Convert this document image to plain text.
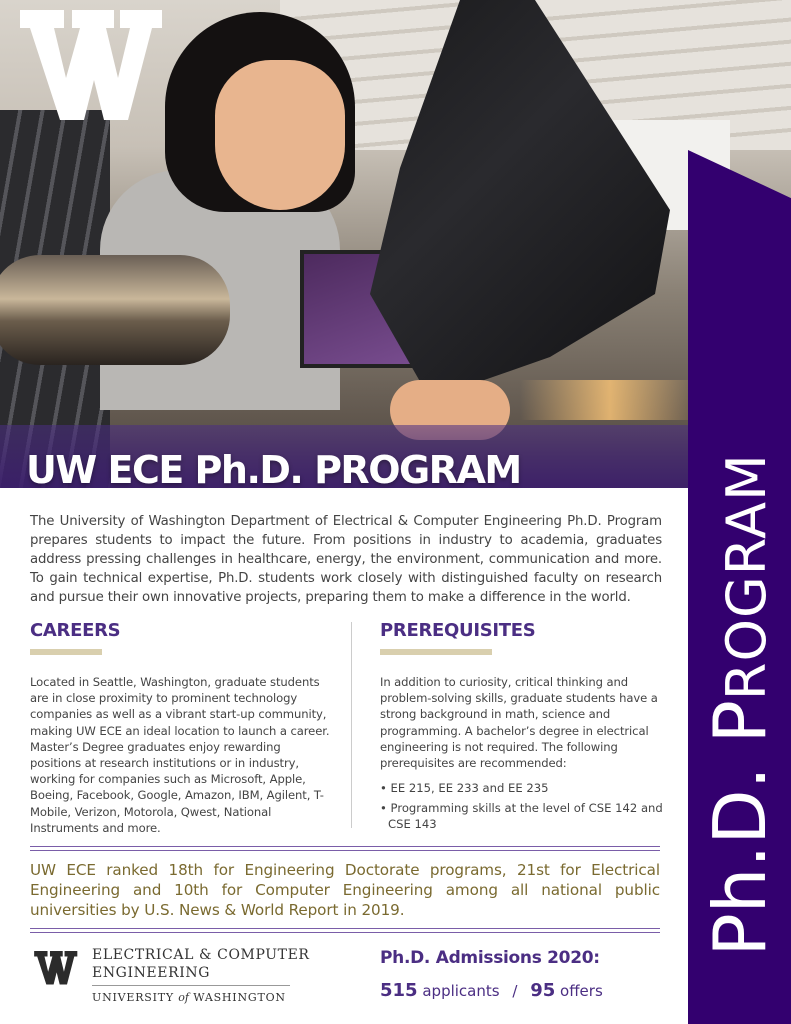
UW ECE Ph.D. PROGRAM
Ph.D. PROGRAM

The University of Washington Department of Electrical & Computer Engineering Ph.D. Program prepares students to impact the future. From positions in industry to academia, graduates address pressing challenges in healthcare, energy, the environment, communication and more. To gain technical expertise, Ph.D. students work closely with distinguished faculty on research and pursue their own innovative projects, preparing them to make a difference in the world.

CAREERS

Located in Seattle, Washington, graduate students are in close proximity to prominent technology companies as well as a vibrant start-up community, making UW ECE an ideal location to launch a career. Master’s Degree graduates enjoy rewarding positions at research institutions or in industry, working for companies such as Microsoft, Apple, Boeing, Facebook, Google, Amazon, IBM, Agilent, T-Mobile, Verizon, Motorola, Qwest, National Instruments and more.

PREREQUISITES

In addition to curiosity, critical thinking and problem-solving skills, graduate students have a strong background in math, science and programming. A bachelor’s degree in electrical engineering is not required. The following prerequisites are recommended:

• EE 215, EE 233 and EE 235
• Programming skills at the level of CSE 142 and CSE 143

UW ECE ranked 18th for Engineering Doctorate programs, 21st for Electrical Engineering and 10th for Computer Engineering among all national public universities by U.S. News & World Report in 2019.

ELECTRICAL & COMPUTER
ENGINEERING

UNIVERSITY of WASHINGTON

Ph.D. Admissions 2020:

515 applicants / 95 offers
